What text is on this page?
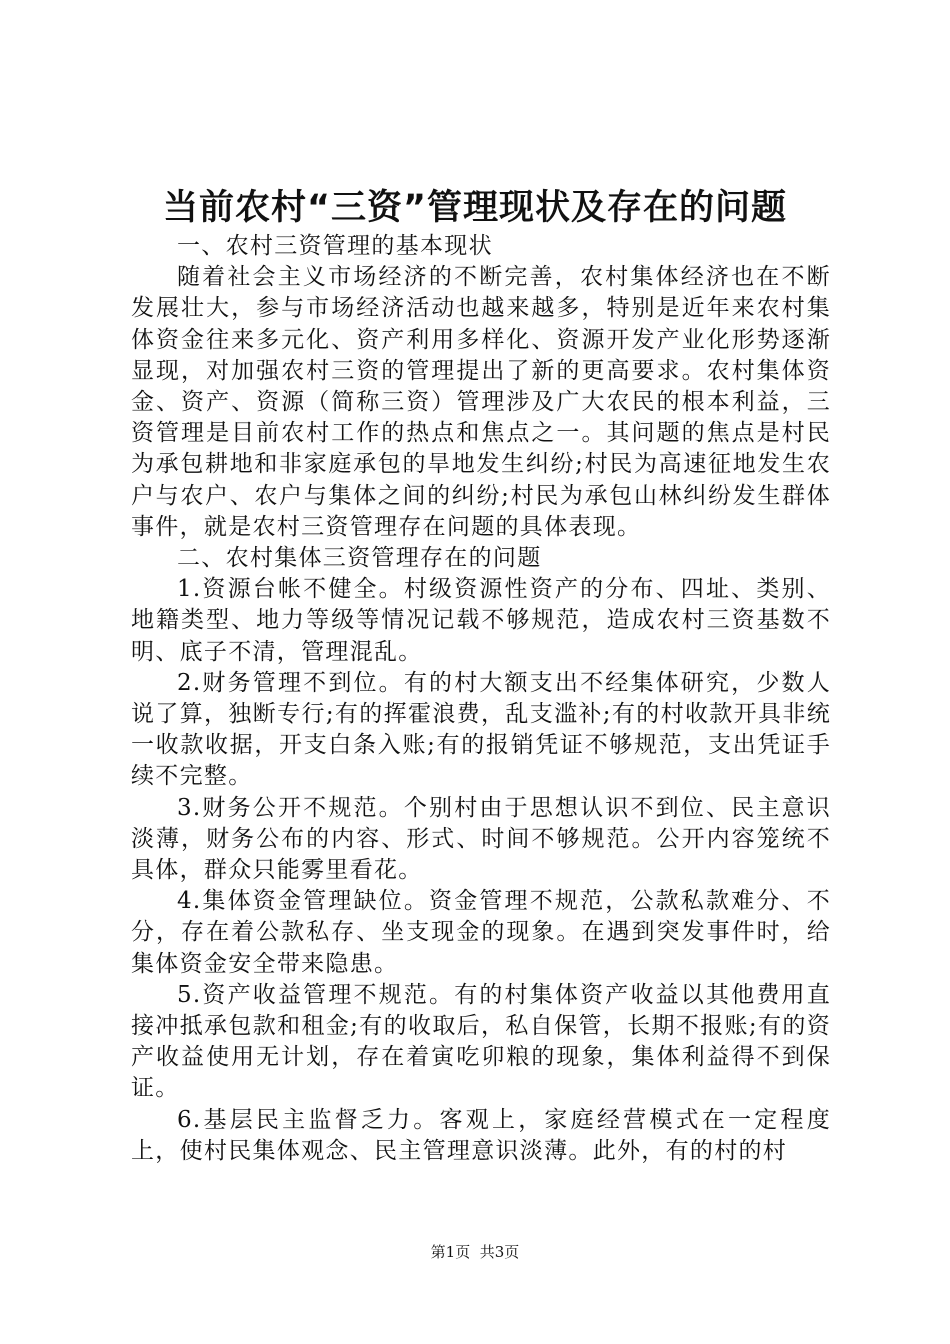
当前农村“三资”管理现状及存在的问题

一、农村三资管理的基本现状

随着社会主义市场经济的不断完善，农村集体经济也在不断发展壮大，参与市场经济活动也越来越多，特别是近年来农村集体资金往来多元化、资产利用多样化、资源开发产业化形势逐渐显现，对加强农村三资的管理提出了新的更高要求。农村集体资金、资产、资源（简称三资）管理涉及广大农民的根本利益，三资管理是目前农村工作的热点和焦点之一。其问题的焦点是村民为承包耕地和非家庭承包的旱地发生纠纷;村民为高速征地发生农户与农户、农户与集体之间的纠纷;村民为承包山林纠纷发生群体事件，就是农村三资管理存在问题的具体表现。

二、农村集体三资管理存在的问题

1.资源台帐不健全。村级资源性资产的分布、四址、类别、地籍类型、地力等级等情况记载不够规范，造成农村三资基数不明、底子不清，管理混乱。

2.财务管理不到位。有的村大额支出不经集体研究，少数人说了算，独断专行;有的挥霍浪费，乱支滥补;有的村收款开具非统一收款收据，开支白条入账;有的报销凭证不够规范，支出凭证手续不完整。

3.财务公开不规范。个别村由于思想认识不到位、民主意识淡薄，财务公布的内容、形式、时间不够规范。公开内容笼统不具体，群众只能雾里看花。

4.集体资金管理缺位。资金管理不规范，公款私款难分、不分，存在着公款私存、坐支现金的现象。在遇到突发事件时，给集体资金安全带来隐患。

5.资产收益管理不规范。有的村集体资产收益以其他费用直接冲抵承包款和租金;有的收取后，私自保管，长期不报账;有的资产收益使用无计划，存在着寅吃卯粮的现象，集体利益得不到保证。

6.基层民主监督乏力。客观上，家庭经营模式在一定程度上，使村民集体观念、民主管理意识淡薄。此外，有的村的村

第1页 共3页
